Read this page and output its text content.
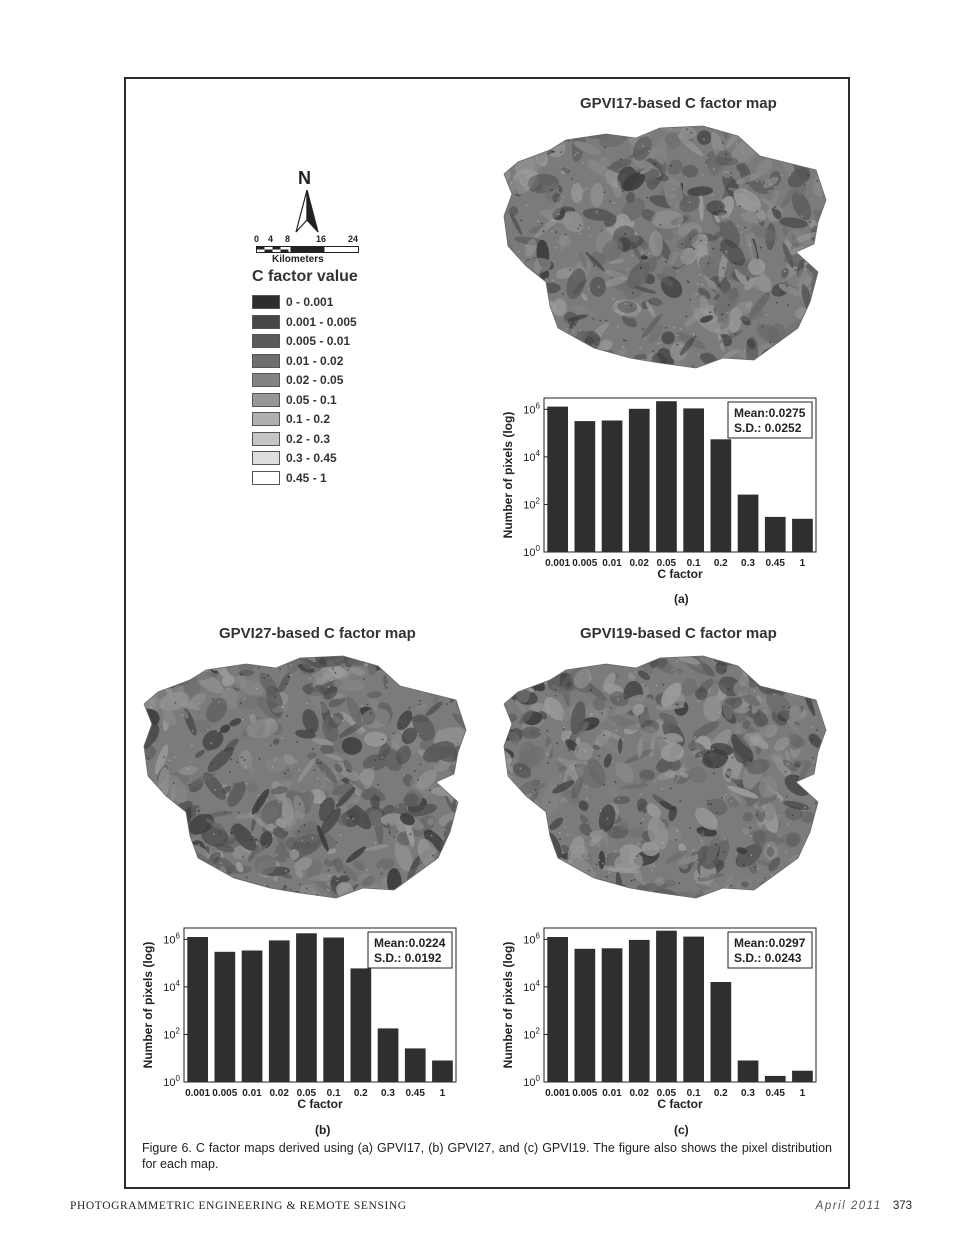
GPVI17-based C factor map
GPVI27-based C factor map	GPVI19-based C factor map
N
0 4 8	16 24
Kilometers
C factor value
0 - 0.001
0.001 - 0.005
0.005 - 0.01
0.01 - 0.02
0.02 - 0.05
0.05 - 0.1
0.1 - 0.2
0.2 - 0.3
0.3 - 0.45
0.45 - 1
0.001 0.005 0.01 0.02 0.05 0.1 0.2 0.3 0.45 1
$10^0$
$10^2$
$10^4$
$10^6$
C factor
Number of pixels (log)	Mean:0.0275
S.D.: 0.0252
0.001 0.005 0.01 0.02 0.05 0.1 0.2 0.3 0.45 1
$10^0$
$10^2$
$10^4$
$10^6$
C factor
Number of pixels (log)	Mean:0.0224
S.D.: 0.0192
0.001 0.005 0.01 0.02 0.05 0.1 0.2 0.3 0.45 1
$10^0$
$10^2$
$10^4$
$10^6$
C factor
Number of pixels (log)	Mean:0.0297
S.D.: 0.0243
(a)
(b)	(c)
Figure 6. C factor maps derived using (a) GPVI17, (b) GPVI27, and (c) GPVI19. The figure also shows the pixel distribution for each map.
PHOTOGRAMMETRIC ENGINEERING & REMOTE SENSING	April 2011 373
